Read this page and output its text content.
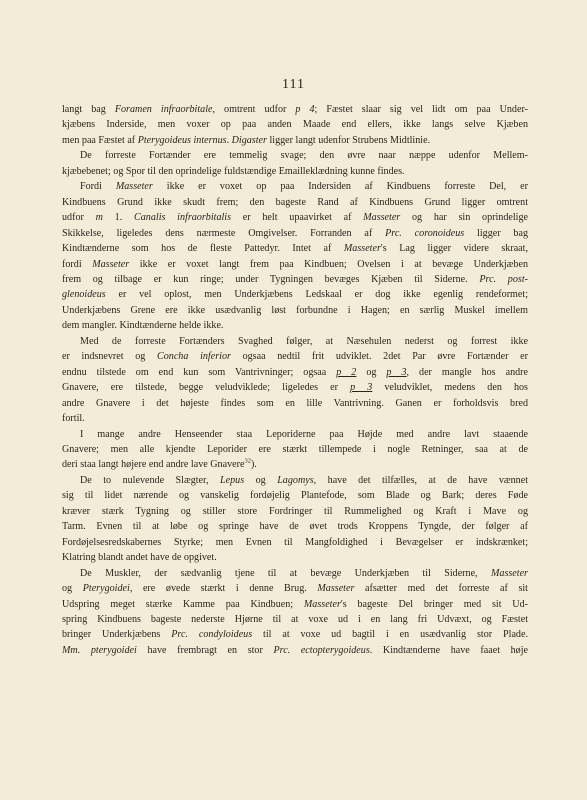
111
langt bag Foramen infraorbitale, omtrent udfor p 4; Fæstet slaar sig vel lidt om paa Under-
kjæbens Inderside, men voxer op paa anden Maade end ellers, ikke langs selve Kjæben
men paa Fæstet af Pterygoideus internus. Digaster ligger langt udenfor Strubens Midtlinie.
De forreste Fortænder ere temmelig svage; den øvre naar næppe udenfor Mellem-
kjæbebenet; og Spor til den oprindelige fuldstændige Emailleklædning kunne findes.
Fordi Masseter ikke er voxet op paa Indersiden af Kindbuens forreste Del, er
Kindbuens Grund ikke skudt frem; den bageste Rand af Kindbuens Grund ligger omtrent
udfor m 1. Canalis infraorbitalis er helt upaavirket af Masseter og har sin oprindelige
Skikkelse, ligeledes dens nærmeste Omgivelser. Forranden af Prc. coronoideus ligger bag
Kindtænderne som hos de fleste Pattedyr. Intet af Masseter's Lag ligger videre skraat,
fordi Masseter ikke er voxet langt frem paa Kindbuen; Ovelsen i at bevæge Underkjæben
frem og tilbage er kun ringe; under Tygningen bevæges Kjæben til Siderne. Prc. post-
glenoideus er vel oplost, men Underkjæbens Ledskaal er dog ikke egenlig rendeformet;
Underkjæbens Grene ere ikke usædvanlig løst forbundne i Hagen; en særlig Muskel imellem
dem mangler. Kindtænderne helde ikke.
Med de forreste Fortænders Svaghed følger, at Næsehulen nederst og forrest ikke
er indsnevret og Concha inferior ogsaa nedtil frit udviklet. 2det Par øvre Fortænder er
endnu tilstede om end kun som Vantrivninger; ogsaa p 2 og p 3, der mangle hos andre
Gnavere, ere tilstede, begge veludviklede; ligeledes er p 3 veludviklet, medens den hos
andre Gnavere i det højeste findes som en lille Vantrivning. Ganen er forholdsvis bred
fortil.
I mange andre Henseender staa Leporiderne paa Højde med andre lavt staaende
Gnavere; men alle kjendte Leporider ere stærkt tillempede i nogle Retninger, saa at de
deri staa langt højere end andre lave Gnavere$^{32}$).
De to nulevende Slægter, Lepus og Lagomys, have det tilfælles, at de have vænnet
sig til lidet nærende og vanskelig fordøjelig Plantefode, som Blade og Bark; deres Føde
kræver stærk Tygning og stiller store Fordringer til Rummelighed og Kraft i Mave og
Tarm. Evnen til at løbe og springe have de øvet trods Kroppens Tyngde, der følger af
Fordøjelsesredskabernes Styrke; men Evnen til Mangfoldighed i Bevægelser er indskrænket;
Klatring blandt andet have de opgivet.
De Muskler, der sædvanlig tjene til at bevæge Underkjæben til Siderne, Masseter
og Pterygoidei, ere øvede stærkt i denne Brug. Masseter afsætter med det forreste af sit
Udspring meget stærke Kamme paa Kindbuen; Masseter's bageste Del bringer med sit Ud-
spring Kindbuens bageste nederste Hjørne til at voxe ud i en lang fri Udvæxt, og Fæstet
bringer Underkjæbens Prc. condyloideus til at voxe ud bagtil i en usædvanlig stor Plade.
Mm. pterygoidei have frembragt en stor Prc. ectopterygoideus. Kindtænderne have faaet høje
